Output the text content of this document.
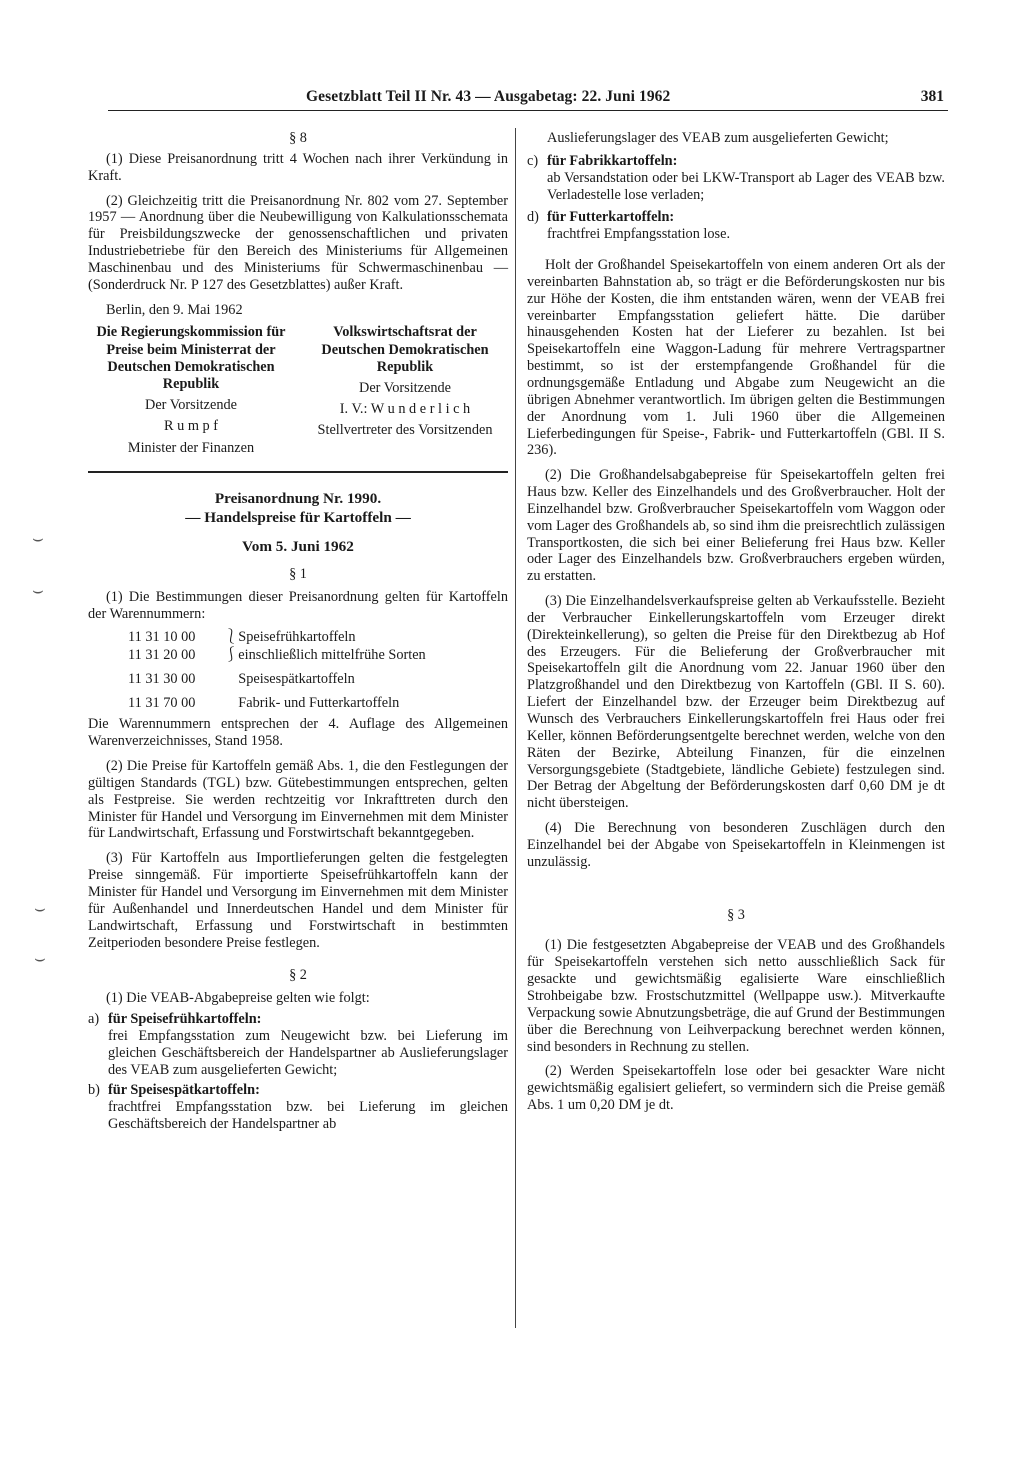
Gesetzblatt Teil II Nr. 43 — Ausgabetag: 22. Juni 1962	381
⌣
⌣
⌣
⌣

§ 8

(1) Diese Preisanordnung tritt 4 Wochen nach ihrer Verkündung in Kraft.

(2) Gleichzeitig tritt die Preisanordnung Nr. 802 vom 27. September 1957 — Anordnung über die Neubewilligung von Kalkulationsschemata für Preisbildungszwecke der genossenschaftlichen und privaten Industriebetriebe für den Bereich des Ministeriums für Allgemeinen Maschinenbau und des Ministeriums für Schwermaschinenbau — (Sonderdruck Nr. P 127 des Gesetzblattes) außer Kraft.

Berlin, den 9. Mai 1962

Die Regierungskommission für Preise beim Ministerrat der Deutschen Demokratischen Republik
Der Vorsitzende
R u m p f
Minister der Finanzen
Volkswirtschaftsrat der Deutschen Demokratischen Republik
Der Vorsitzende
I. V.: W u n d e r l i c h
Stellvertreter des Vorsitzenden

Preisanordnung Nr. 1990.

— Handelspreise für Kartoffeln —

Vom 5. Juni 1962

§ 1

(1) Die Bestimmungen dieser Preisanordnung gelten für Kartoffeln der Warennummern:

11 31 10 00	⎱	Speisefrühkartoffeln
11 31 20 00	⎰	einschließlich mittelfrühe Sorten
11 31 30 00		Speisespätkartoffeln
11 31 70 00		Fabrik- und Futterkartoffeln

Die Warennummern entsprechen der 4. Auflage des Allgemeinen Warenverzeichnisses, Stand 1958.

(2) Die Preise für Kartoffeln gemäß Abs. 1, die den Festlegungen der gültigen Standards (TGL) bzw. Gütebestimmungen entsprechen, gelten als Festpreise. Sie werden rechtzeitig vor Inkrafttreten durch den Minister für Handel und Versorgung im Einvernehmen mit dem Minister für Landwirtschaft, Erfassung und Forstwirtschaft bekanntgegeben.

(3) Für Kartoffeln aus Importlieferungen gelten die festgelegten Preise sinngemäß. Für importierte Speisefrühkartoffeln kann der Minister für Handel und Versorgung im Einvernehmen mit dem Minister für Außenhandel und Innerdeutschen Handel und dem Minister für Landwirtschaft, Erfassung und Forstwirtschaft in bestimmten Zeitperioden besondere Preise festlegen.

§ 2

(1) Die VEAB-Abgabepreise gelten wie folgt:

a) für Speisefrühkartoffeln:

frei Empfangsstation zum Neugewicht bzw. bei Lieferung im gleichen Geschäftsbereich der Handelspartner ab Auslieferungslager des VEAB zum ausgelieferten Gewicht;

b) für Speisespätkartoffeln:

frachtfrei Empfangsstation bzw. bei Lieferung im gleichen Geschäftsbereich der Handelspartner ab

Auslieferungslager des VEAB zum ausgelieferten Gewicht;

c) für Fabrikkartoffeln:

ab Versandstation oder bei LKW-Transport ab Lager des VEAB bzw. Verladestelle lose verladen;

d) für Futterkartoffeln:

frachtfrei Empfangsstation lose.

Holt der Großhandel Speisekartoffeln von einem anderen Ort als der vereinbarten Bahnstation ab, so trägt er die Beförderungskosten nur bis zur Höhe der Kosten, die ihm entstanden wären, wenn der VEAB frei vereinbarter Empfangsstation geliefert hätte. Die darüber hinausgehenden Kosten hat der Lieferer zu bezahlen. Ist bei Speisekartoffeln eine Waggon-Ladung für mehrere Vertragspartner bestimmt, so ist der erstempfangende Großhandel für die ordnungsgemäße Entladung und Abgabe zum Neugewicht an die übrigen Abnehmer verantwortlich. Im übrigen gelten die Bestimmungen der Anordnung vom 1. Juli 1960 über die Allgemeinen Lieferbedingungen für Speise-, Fabrik- und Futterkartoffeln (GBl. II S. 236).

(2) Die Großhandelsabgabepreise für Speisekartoffeln gelten frei Haus bzw. Keller des Einzelhandels und des Großverbraucher. Holt der Einzelhandel bzw. Großverbraucher Speisekartoffeln vom Waggon oder vom Lager des Großhandels ab, so sind ihm die preisrechtlich zulässigen Transportkosten, die sich bei einer Belieferung frei Haus bzw. Keller oder Lager des Einzelhandels bzw. Großverbrauchers ergeben würden, zu erstatten.

(3) Die Einzelhandelsverkaufspreise gelten ab Verkaufsstelle. Bezieht der Verbraucher Einkellerungskartoffeln vom Erzeuger direkt (Direkteinkellerung), so gelten die Preise für den Direktbezug ab Hof des Erzeugers. Für die Belieferung der Großverbraucher mit Speisekartoffeln gilt die Anordnung vom 22. Januar 1960 über den Platzgroßhandel und den Direktbezug von Kartoffeln (GBl. II S. 60). Liefert der Einzelhandel bzw. der Erzeuger beim Direktbezug auf Wunsch des Verbrauchers Einkellerungskartoffeln frei Haus oder frei Keller, können Beförderungsentgelte berechnet werden, welche von den Räten der Bezirke, Abteilung Finanzen, für die einzelnen Versorgungsgebiete (Stadtgebiete, ländliche Gebiete) festzulegen sind. Der Betrag der Abgeltung der Beförderungskosten darf 0,60 DM je dt nicht übersteigen.

(4) Die Berechnung von besonderen Zuschlägen durch den Einzelhandel bei der Abgabe von Speisekartoffeln in Kleinmengen ist unzulässig.

§ 3

(1) Die festgesetzten Abgabepreise der VEAB und des Großhandels für Speisekartoffeln verstehen sich netto ausschließlich Sack für gesackte und gewichtsmäßig egalisierte Ware einschließlich Strohbeigabe bzw. Frostschutzmittel (Wellpappe usw.). Mitverkaufte Verpackung sowie Abnutzungsbeträge, die auf Grund der Bestimmungen über die Berechnung von Leihverpackung berechnet werden können, sind besonders in Rechnung zu stellen.

(2) Werden Speisekartoffeln lose oder bei gesackter Ware nicht gewichtsmäßig egalisiert geliefert, so vermindern sich die Preise gemäß Abs. 1 um 0,20 DM je dt.
